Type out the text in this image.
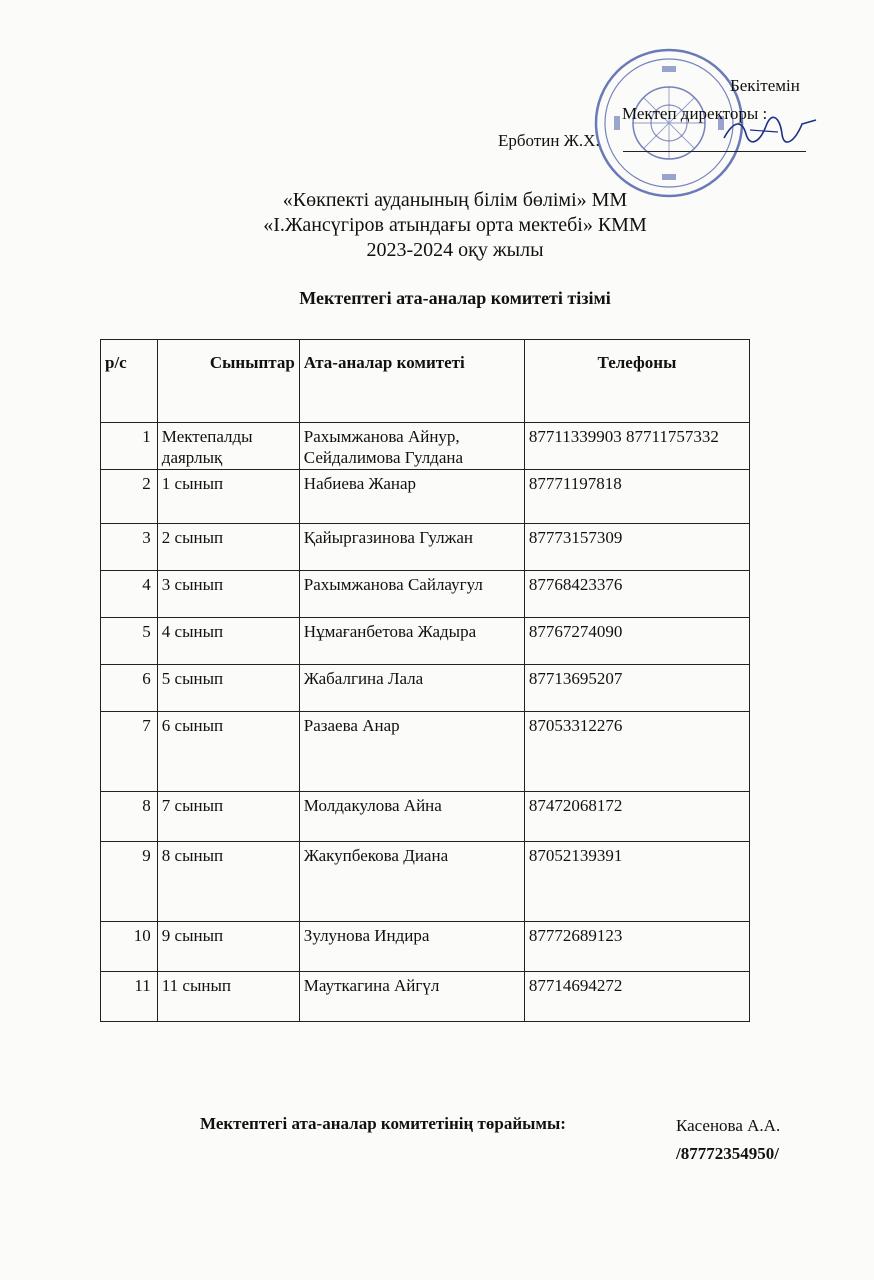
Бекітемін
Мектеп директоры :
Ерботин Ж.Х.
«Көкпекті ауданының білім бөлімі» ММ
«І.Жансүгіров атындағы орта мектебі» КММ
2023-2024 оқу жылы
Мектептегі ата-аналар комитеті тізімі
р/с	Сыныптар	Ата-аналар комитеті	Телефоны
1	Мектепалды даярлық	Рахымжанова Айнур, Сейдалимова Гулдана	87711339903 87711757332
2	1 сынып	Набиева Жанар	87771197818
3	2 сынып	Қайыргазинова Гулжан	87773157309
4	3 сынып	Рахымжанова Сайлаугул	87768423376
5	4 сынып	Нұмағанбетова Жадыра	87767274090
6	5 сынып	Жабалгина Лала	87713695207
7	6 сынып	Разаева Анар	87053312276
8	7 сынып	Молдакулова Айна	87472068172
9	8 сынып	Жакупбекова Диана	87052139391
10	9 сынып	Зулунова Индира	87772689123
11	11 сынып	Мауткагина Айгүл	87714694272
Мектептегі ата-аналар комитетінің төрайымы:	Касенова А.А.
/87772354950/
